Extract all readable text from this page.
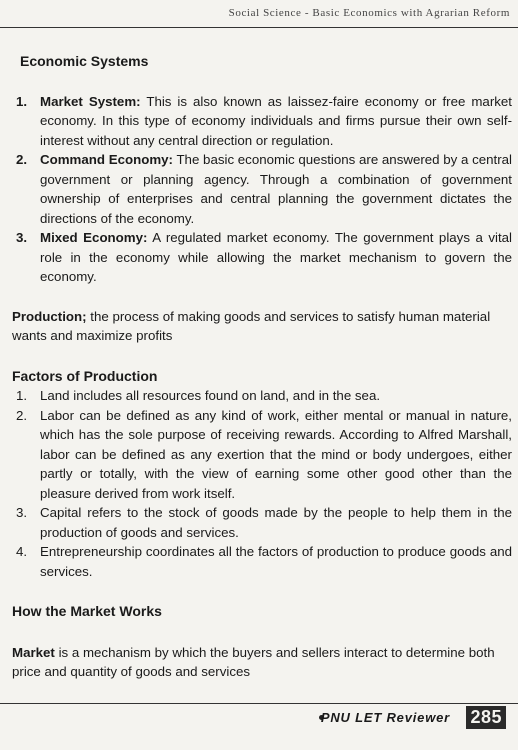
Social Science - Basic Economics with Agrarian Reform
Economic Systems
1. Market System: This is also known as laissez-faire economy or free market economy. In this type of economy individuals and firms pursue their own self-interest without any central direction or regulation.
2. Command Economy: The basic economic questions are answered by a central government or planning agency. Through a combination of government ownership of enterprises and central planning the government dictates the directions of the economy.
3. Mixed Economy: A regulated market economy. The government plays a vital role in the economy while allowing the market mechanism to govern the economy.

Production; the process of making goods and services to satisfy human material wants and maximize profits

Factors of Production
1. Land includes all resources found on land, and in the sea.
2. Labor can be defined as any kind of work, either mental or manual in nature, which has the sole purpose of receiving rewards. According to Alfred Marshall, labor can be defined as any exertion that the mind or body undergoes, either partly or totally, with the view of earning some other good other than the pleasure derived from work itself.
3. Capital refers to the stock of goods made by the people to help them in the production of goods and services.
4. Entrepreneurship coordinates all the factors of production to produce goods and services.
How the Market Works

Market is a mechanism by which the buyers and sellers interact to determine both price and quantity of goods and services

PNU LET Reviewer 285
